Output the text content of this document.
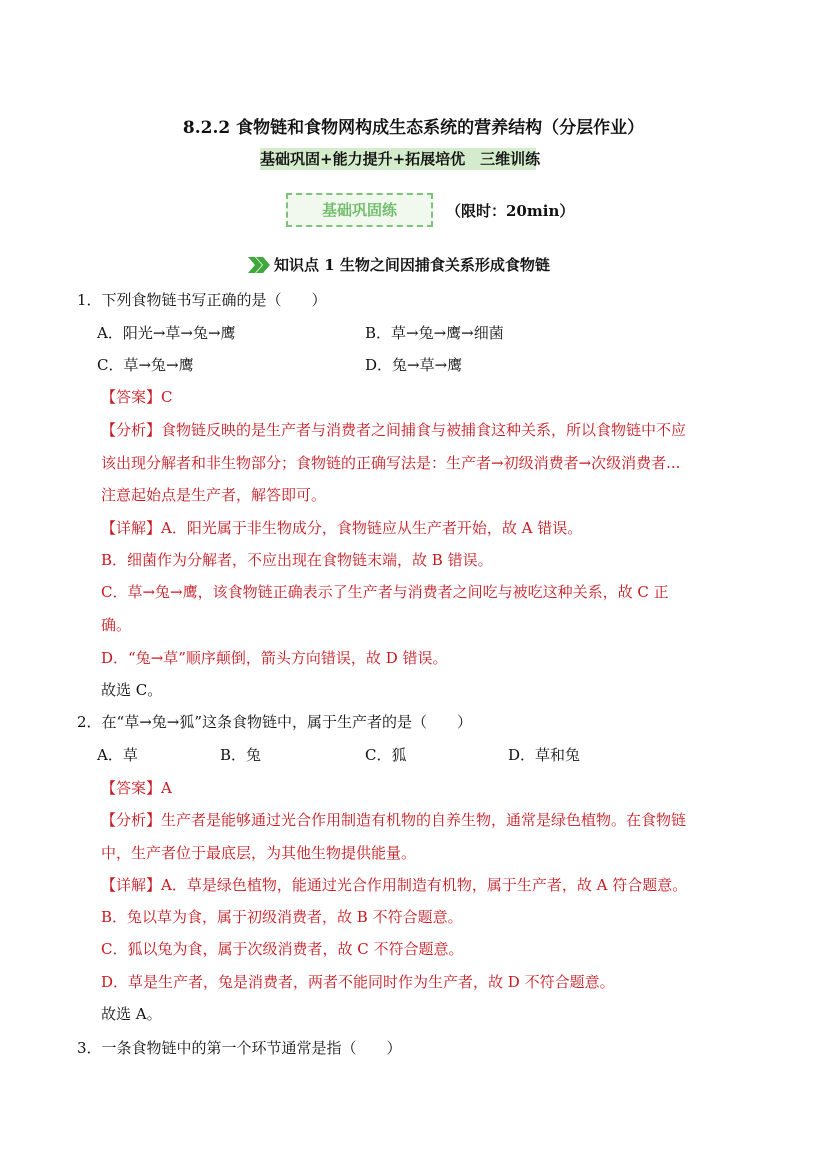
8.2.2 食物链和食物网构成生态系统的营养结构（分层作业）
基础巩固+能力提升+拓展培优　三维训练
基础巩固练	（限时：20min）
知识点 1 生物之间因捕食关系形成食物链
1．下列食物链书写正确的是（　　）
A．阳光→草→兔→鹰	B．草→兔→鹰→细菌
C．草→兔→鹰	D．兔→草→鹰
【答案】C
【分析】食物链反映的是生产者与消费者之间捕食与被捕食这种关系，所以食物链中不应
该出现分解者和非生物部分；食物链的正确写法是：生产者→初级消费者→次级消费者...
注意起始点是生产者，解答即可。
【详解】A．阳光属于非生物成分，食物链应从生产者开始，故 A 错误。
B．细菌作为分解者，不应出现在食物链末端，故 B 错误。
C．草→兔→鹰，该食物链正确表示了生产者与消费者之间吃与被吃这种关系，故 C 正
确。
D．“兔→草”顺序颠倒，箭头方向错误，故 D 错误。
故选 C。
2．在“草→兔→狐”这条食物链中，属于生产者的是（　　）
A．草	B．兔	C．狐	D．草和兔
【答案】A
【分析】生产者是能够通过光合作用制造有机物的自养生物，通常是绿色植物。在食物链
中，生产者位于最底层，为其他生物提供能量。
【详解】A．草是绿色植物，能通过光合作用制造有机物，属于生产者，故 A 符合题意。
B．兔以草为食，属于初级消费者，故 B 不符合题意。
C．狐以兔为食，属于次级消费者，故 C 不符合题意。
D．草是生产者，兔是消费者，两者不能同时作为生产者，故 D 不符合题意。
故选 A。
3．一条食物链中的第一个环节通常是指（　　）
